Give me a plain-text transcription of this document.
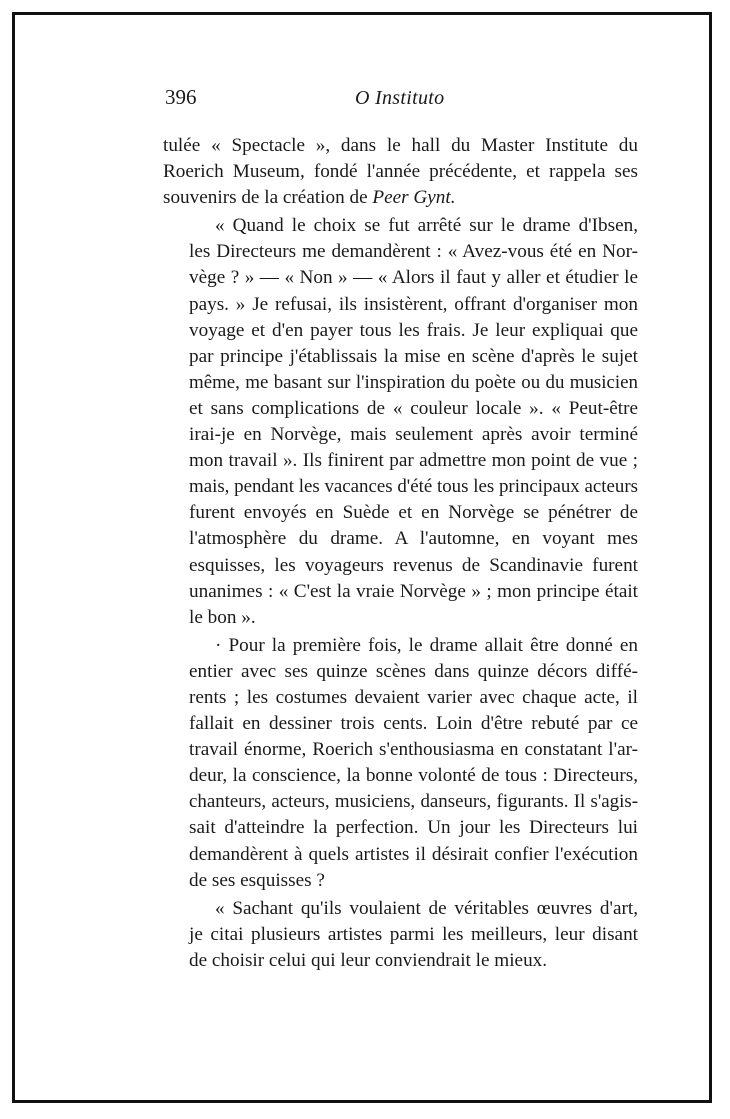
396	O Instituto

tulée « Spectacle », dans le hall du Master Institute du
Roerich Museum, fondé l'année précédente, et rappela ses
souvenirs de la création de Peer Gynt.

« Quand le choix se fut arrêté sur le drame d'Ibsen,
les Directeurs me demandèrent : « Avez-vous été en Nor-
vège ? » — « Non » — « Alors il faut y aller et étudier le
pays. » Je refusai, ils insistèrent, offrant d'organiser mon
voyage et d'en payer tous les frais. Je leur expliquai que
par principe j'établissais la mise en scène d'après le sujet
même, me basant sur l'inspiration du poète ou du musicien
et sans complications de « couleur locale ». « Peut-être
irai-je en Norvège, mais seulement après avoir terminé
mon travail ». Ils finirent par admettre mon point de vue ;
mais, pendant les vacances d'été tous les principaux acteurs
furent envoyés en Suède et en Norvège se pénétrer de
l'atmosphère du drame. A l'automne, en voyant mes
esquisses, les voyageurs revenus de Scandinavie furent
unanimes : « C'est la vraie Norvège » ; mon principe était
le bon ».

· Pour la première fois, le drame allait être donné en
entier avec ses quinze scènes dans quinze décors diffé-
rents ; les costumes devaient varier avec chaque acte, il
fallait en dessiner trois cents. Loin d'être rebuté par ce
travail énorme, Roerich s'enthousiasma en constatant l'ar-
deur, la conscience, la bonne volonté de tous : Directeurs,
chanteurs, acteurs, musiciens, danseurs, figurants. Il s'agis-
sait d'atteindre la perfection. Un jour les Directeurs lui
demandèrent à quels artistes il désirait confier l'exécution
de ses esquisses ?

« Sachant qu'ils voulaient de véritables œuvres d'art,
je citai plusieurs artistes parmi les meilleurs, leur disant
de choisir celui qui leur conviendrait le mieux.
